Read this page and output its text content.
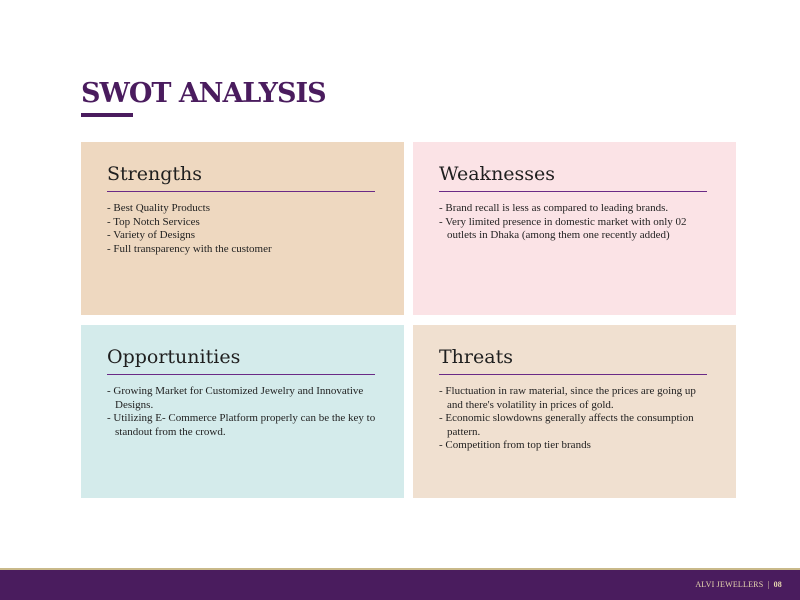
SWOT ANALYSIS
Strengths
- Best Quality Products
- Top Notch Services
- Variety of Designs
- Full transparency with the customer
Weaknesses
- Brand recall is less as compared to leading brands.
- Very limited presence in domestic market with only 02 outlets in Dhaka (among them one recently added)
Opportunities
- Growing Market for Customized Jewelry and Innovative Designs.
- Utilizing E- Commerce Platform properly can be the key to standout from the crowd.
Threats
- Fluctuation in raw material, since the prices are going up and there's volatility in prices of gold.
- Economic slowdowns generally affects the consumption pattern.
- Competition from top tier brands
ALVI JEWELLERS | 08
